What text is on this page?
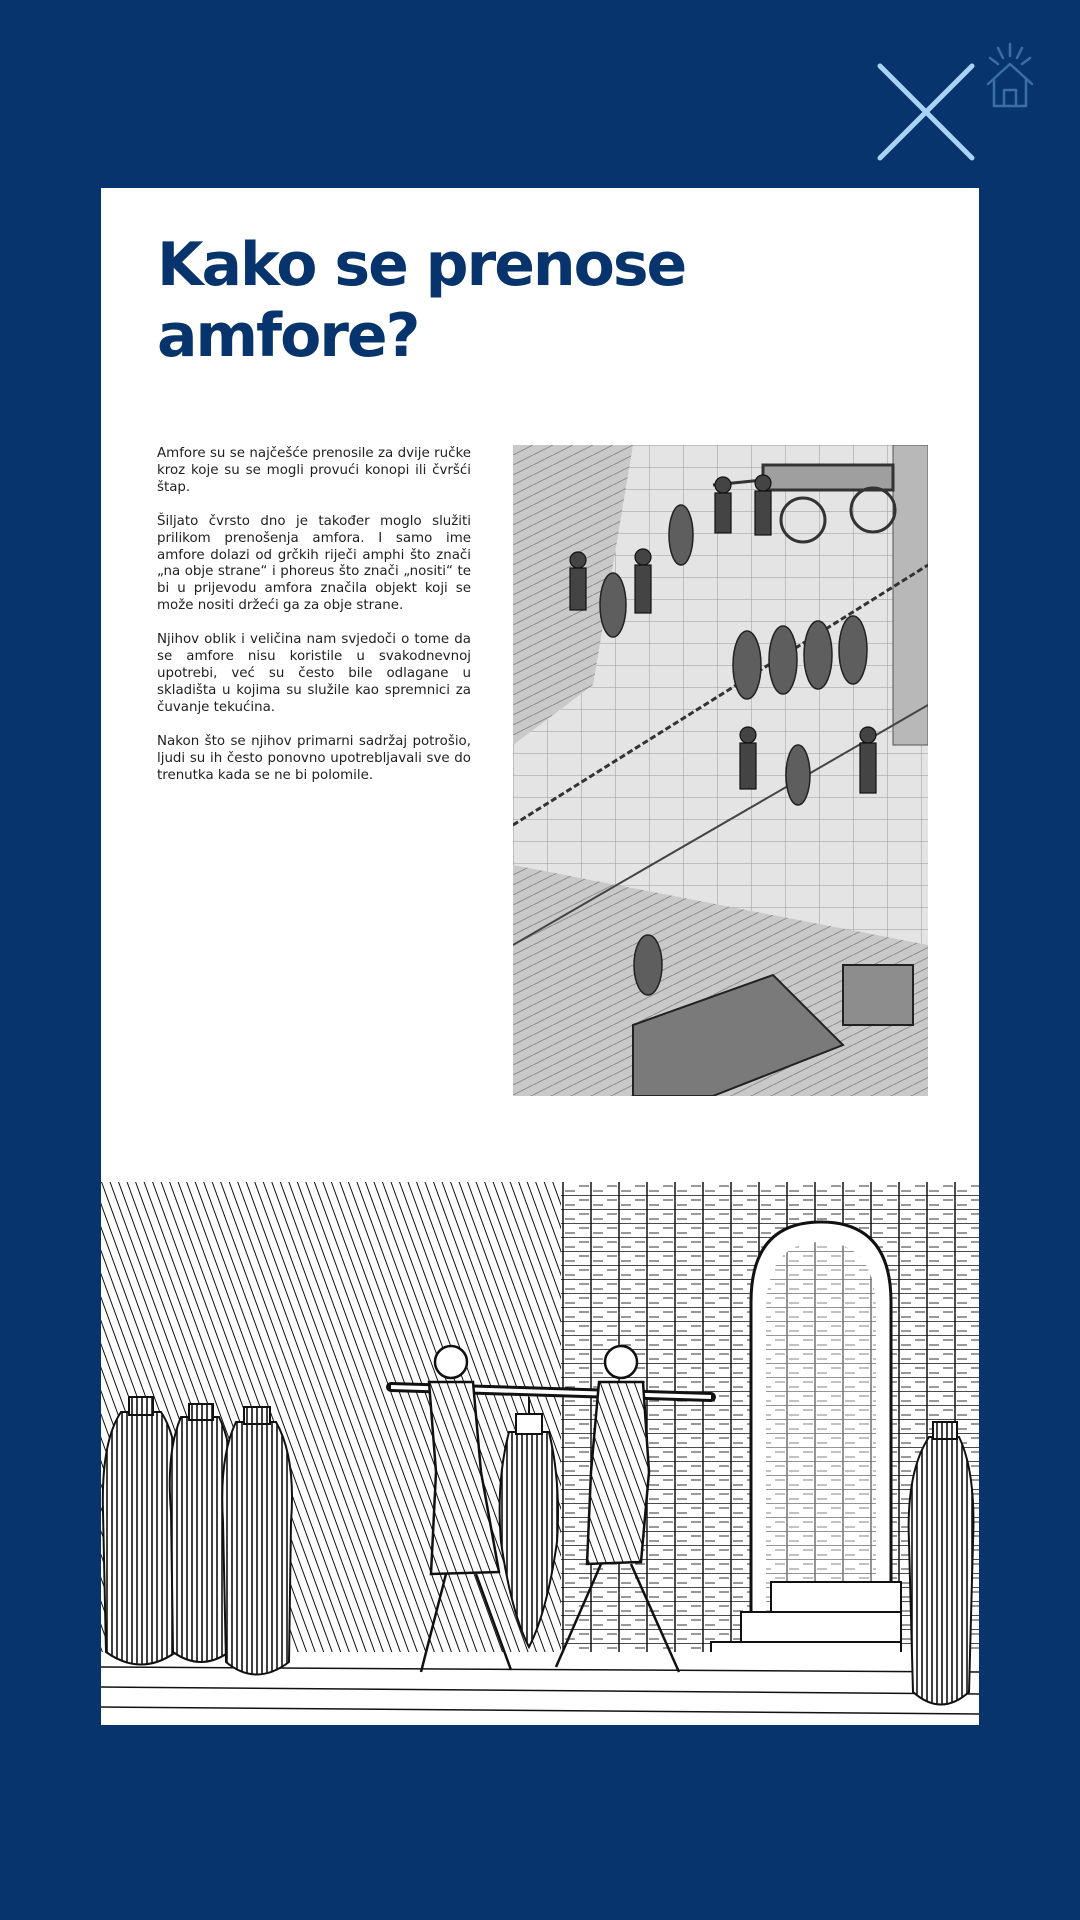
Kako se prenose amfore?

Amfore su se najčešće prenosile za dvije ručke kroz koje su se mogli provući konopi ili čvršći štap.

Šiljato čvrsto dno je također moglo služiti prilikom prenošenja amfora. I samo ime amfore dolazi od grčkih riječi amphi što znači „na obje strane“ i phoreus što znači „nositi“ te bi u prijevodu amfora značila objekt koji se može nositi držeći ga za obje strane.

Njihov oblik i veličina nam svjedoči o tome da se amfore nisu koristile u svakodnevnoj upotrebi, već su često bile odlagane u skladišta u kojima su služile kao spremnici za čuvanje tekućina.

Nakon što se njihov primarni sadržaj potrošio, ljudi su ih često ponovno upotrebljavali sve do trenutka kada se ne bi polomile.
